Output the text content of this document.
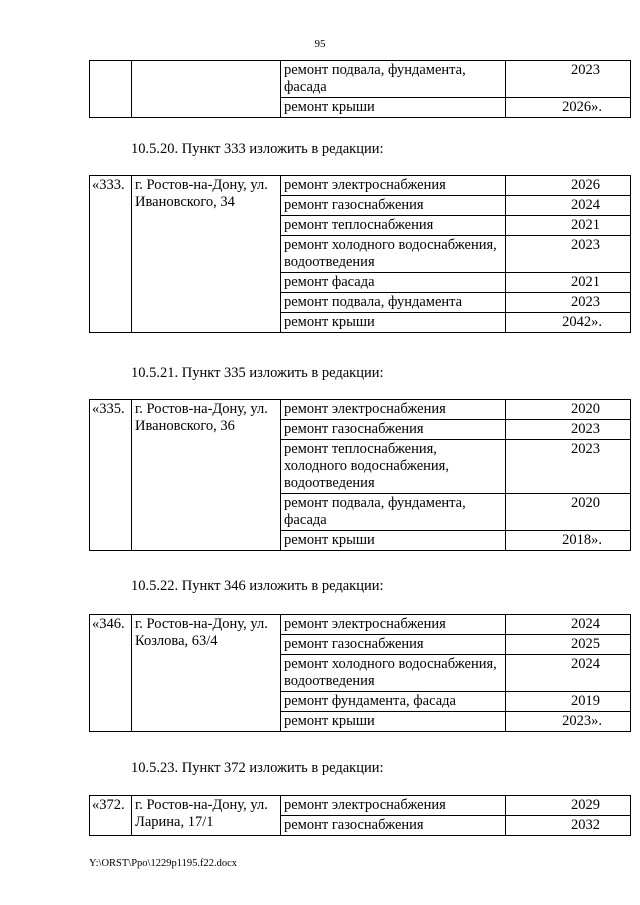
95
		ремонт подвала, фундамента, фасада	2023
		ремонт крыши	2026».
10.5.20. Пункт 333 изложить в редакции:
«333.	г. Ростов-на-Дону, ул. Ивановского, 34	ремонт электроснабжения	2026
		ремонт газоснабжения	2024
		ремонт теплоснабжения	2021
		ремонт холодного водоснабжения, водоотведения	2023
		ремонт фасада	2021
		ремонт подвала, фундамента	2023
		ремонт крыши	2042».
10.5.21. Пункт 335 изложить в редакции:
«335.	г. Ростов-на-Дону, ул. Ивановского, 36	ремонт электроснабжения	2020
		ремонт газоснабжения	2023
		ремонт теплоснабжения, холодного водоснабжения, водоотведения	2023
		ремонт подвала, фундамента, фасада	2020
		ремонт крыши	2018».
10.5.22. Пункт 346 изложить в редакции:
«346.	г. Ростов-на-Дону, ул. Козлова, 63/4	ремонт электроснабжения	2024
		ремонт газоснабжения	2025
		ремонт холодного водоснабжения, водоотведения	2024
		ремонт фундамента, фасада	2019
		ремонт крыши	2023».
10.5.23. Пункт 372 изложить в редакции:
«372.	г. Ростов-на-Дону, ул. Ларина, 17/1	ремонт электроснабжения	2029
		ремонт газоснабжения	2032
Y:\ORST\Ppo\1229p1195.f22.docx
